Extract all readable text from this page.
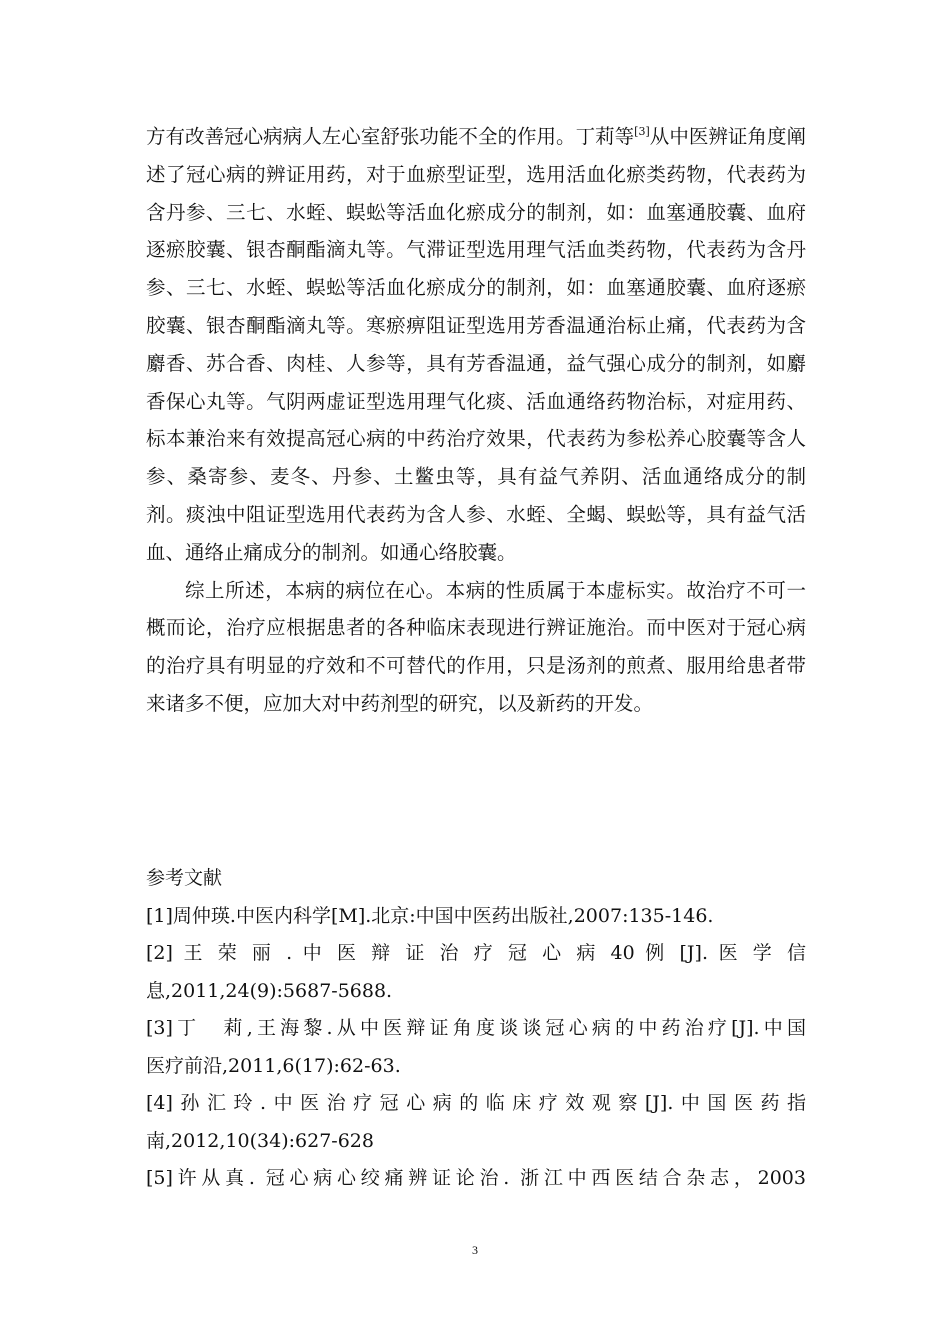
方有改善冠心病病人左心室舒张功能不全的作用。丁莉等[3]从中医辨证角度阐述了冠心病的辨证用药，对于血瘀型证型，选用活血化瘀类药物，代表药为含丹参、三七、水蛭、蜈蚣等活血化瘀成分的制剂，如：血塞通胶囊、血府逐瘀胶囊、银杏酮酯滴丸等。气滞证型选用理气活血类药物，代表药为含丹参、三七、水蛭、蜈蚣等活血化瘀成分的制剂，如：血塞通胶囊、血府逐瘀胶囊、银杏酮酯滴丸等。寒瘀痹阻证型选用芳香温通治标止痛，代表药为含麝香、苏合香、肉桂、人参等，具有芳香温通，益气强心成分的制剂，如麝香保心丸等。气阴两虚证型选用理气化痰、活血通络药物治标，对症用药、标本兼治来有效提高冠心病的中药治疗效果，代表药为参松养心胶囊等含人参、桑寄参、麦冬、丹参、土鳖虫等，具有益气养阴、活血通络成分的制剂。痰浊中阻证型选用代表药为含人参、水蛭、全蝎、蜈蚣等，具有益气活血、通络止痛成分的制剂。如通心络胶囊。

综上所述，本病的病位在心。本病的性质属于本虚标实。故治疗不可一概而论，治疗应根据患者的各种临床表现进行辨证施治。而中医对于冠心病的治疗具有明显的疗效和不可替代的作用，只是汤剂的煎煮、服用给患者带来诸多不便，应加大对中药剂型的研究，以及新药的开发。

参考文献
[1]周仲瑛.中医内科学[M].北京:中国中医药出版社,2007:135-146.
[2] 王 荣 丽 . 中 医 辩 证 治 疗 冠 心 病 40 例 [J]. 医 学 信
息,2011,24(9):5687-5688.
[3]丁　莉,王海黎.从中医辩证角度谈谈冠心病的中药治疗[J].中国
医疗前沿,2011,6(17):62-63.
[4]孙汇玲.中医治疗冠心病的临床疗效观察[J].中国医药指
南,2012,10(34):627-628
[5]许从真. 冠心病心绞痛辨证论治. 浙江中西医结合杂志，2003
3
